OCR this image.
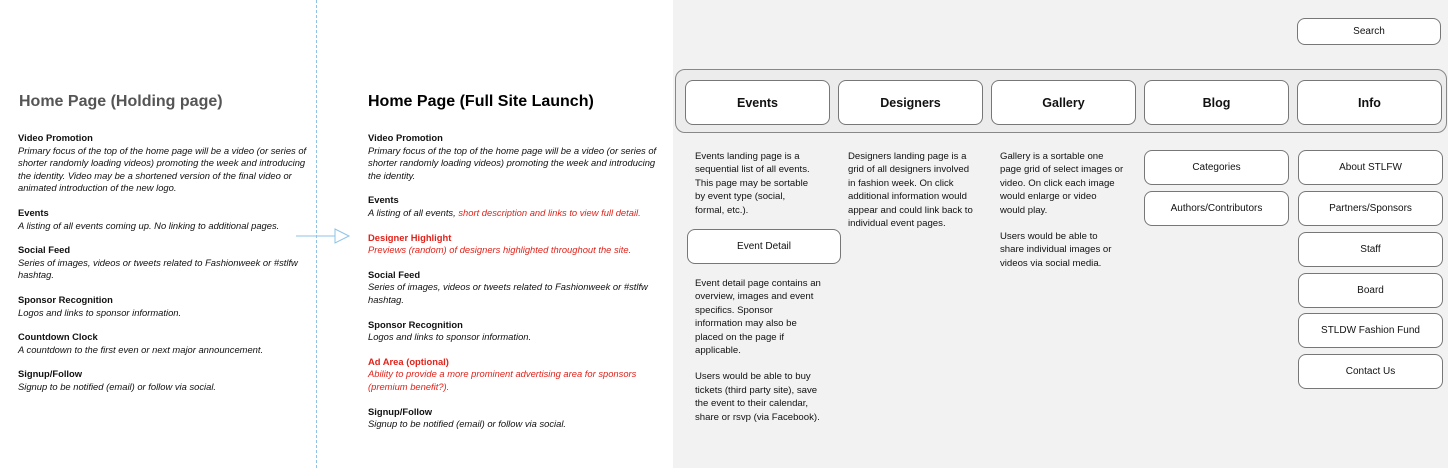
Home Page (Holding page)
Video Promotion
Primary focus of the top of the home page will be a video (or series of shorter randomly loading videos) promoting the week and introducing the identity. Video may be a shortened version of the final video or animated introduction of the new logo.
Events
A listing of all events coming up. No linking to additional pages.
Social Feed
Series of images, videos or tweets related to Fashionweek or #stlfw hashtag.
Sponsor Recognition
Logos and links to sponsor information.
Countdown Clock
A countdown to the first even or next major announcement.
Signup/Follow
Signup to be notified (email) or follow via social.
Home Page (Full Site Launch)
Video Promotion
Primary focus of the top of the home page will be a video (or series of shorter randomly loading videos) promoting the week and introducing the identity.
Events
A listing of all events, short description and links to view full detail.
Designer Highlight
Previews (random) of designers highlighted throughout the site.
Social Feed
Series of images, videos or tweets related to Fashionweek or #stlfw hashtag.
Sponsor Recognition
Logos and links to sponsor information.
Ad Area (optional)
Ability to provide a more prominent advertising area for sponsors (premium benefit?).
Signup/Follow
Signup to be notified (email) or follow via social.
Search
Events	Designers	Gallery	Blog	Info
Events landing page is a sequential list of all events. This page may be sortable by event type (social, formal, etc.).
Event Detail

Event detail page contains an overview, images and event specifics. Sponsor information may also be placed on the page if applicable.

Users would be able to buy tickets (third party site), save the event to their calendar, share or rsvp (via Facebook).

Designers landing page is a grid of all designers involved in fashion week. On click additional information would appear and could link back to individual event pages.

Gallery is a sortable one page grid of select images or video. On click each image would enlarge or video would play.

Users would be able to share individual images or videos via social media.

Categories
Authors/Contributors
About STLFW
Partners/Sponsors
Staff
Board
STLDW Fashion Fund
Contact Us
